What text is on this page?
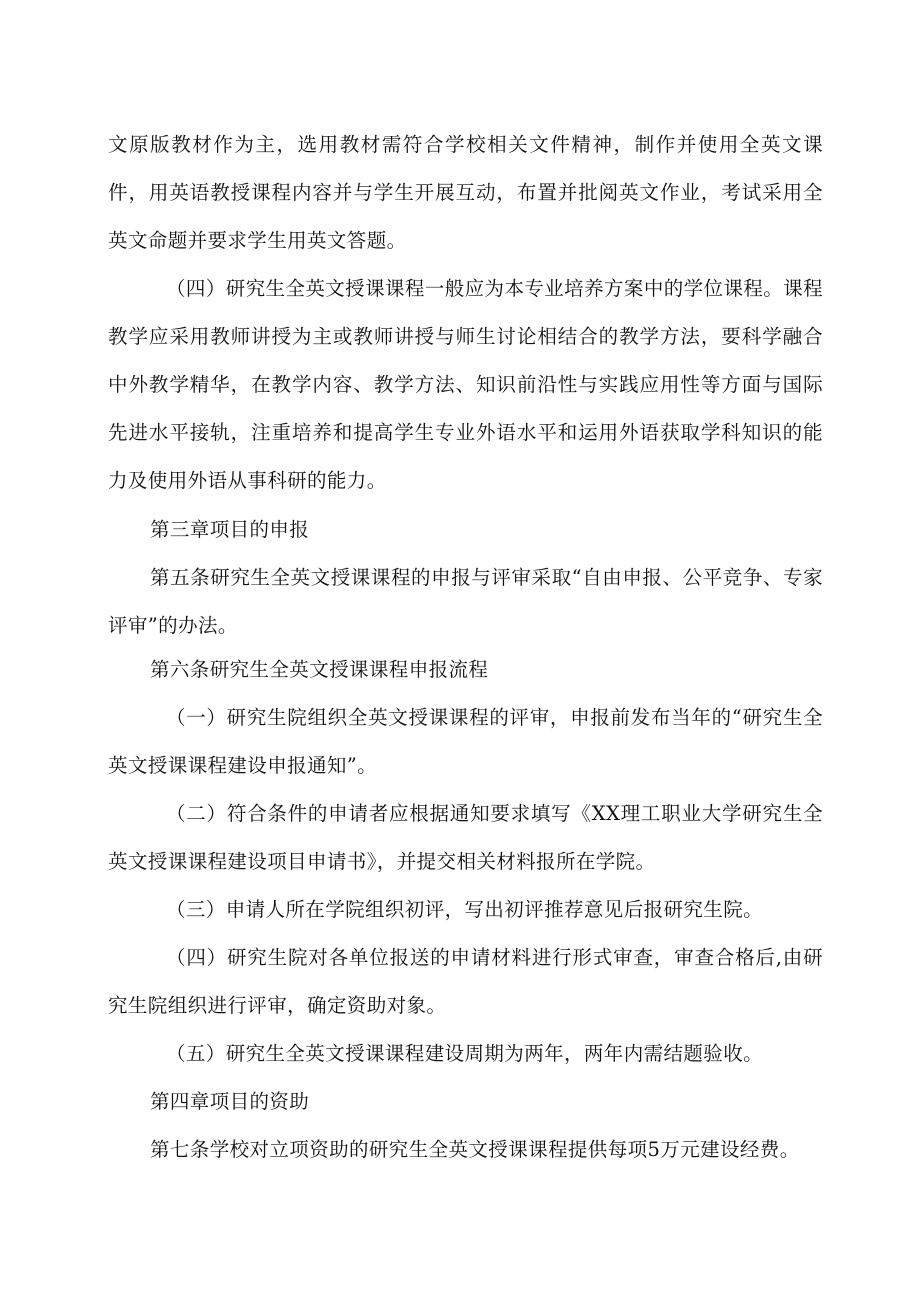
文原版教材作为主，选用教材需符合学校相关文件精神，制作并使用全英文课件，用英语教授课程内容并与学生开展互动，布置并批阅英文作业，考试采用全英文命题并要求学生用英文答题。

（四）研究生全英文授课课程一般应为本专业培养方案中的学位课程。课程教学应采用教师讲授为主或教师讲授与师生讨论相结合的教学方法，要科学融合中外教学精华，在教学内容、教学方法、知识前沿性与实践应用性等方面与国际先进水平接轨，注重培养和提高学生专业外语水平和运用外语获取学科知识的能力及使用外语从事科研的能力。

第三章项目的申报

第五条研究生全英文授课课程的申报与评审采取“自由申报、公平竞争、专家评审”的办法。

第六条研究生全英文授课课程申报流程

（一）研究生院组织全英文授课课程的评审，申报前发布当年的“研究生全英文授课课程建设申报通知”。

（二）符合条件的申请者应根据通知要求填写《XX理工职业大学研究生全英文授课课程建设项目申请书》，并提交相关材料报所在学院。

（三）申请人所在学院组织初评，写出初评推荐意见后报研究生院。

（四）研究生院对各单位报送的申请材料进行形式审查，审查合格后,由研究生院组织进行评审，确定资助对象。

（五）研究生全英文授课课程建设周期为两年，两年内需结题验收。

第四章项目的资助

第七条学校对立项资助的研究生全英文授课课程提供每项5万元建设经费。
